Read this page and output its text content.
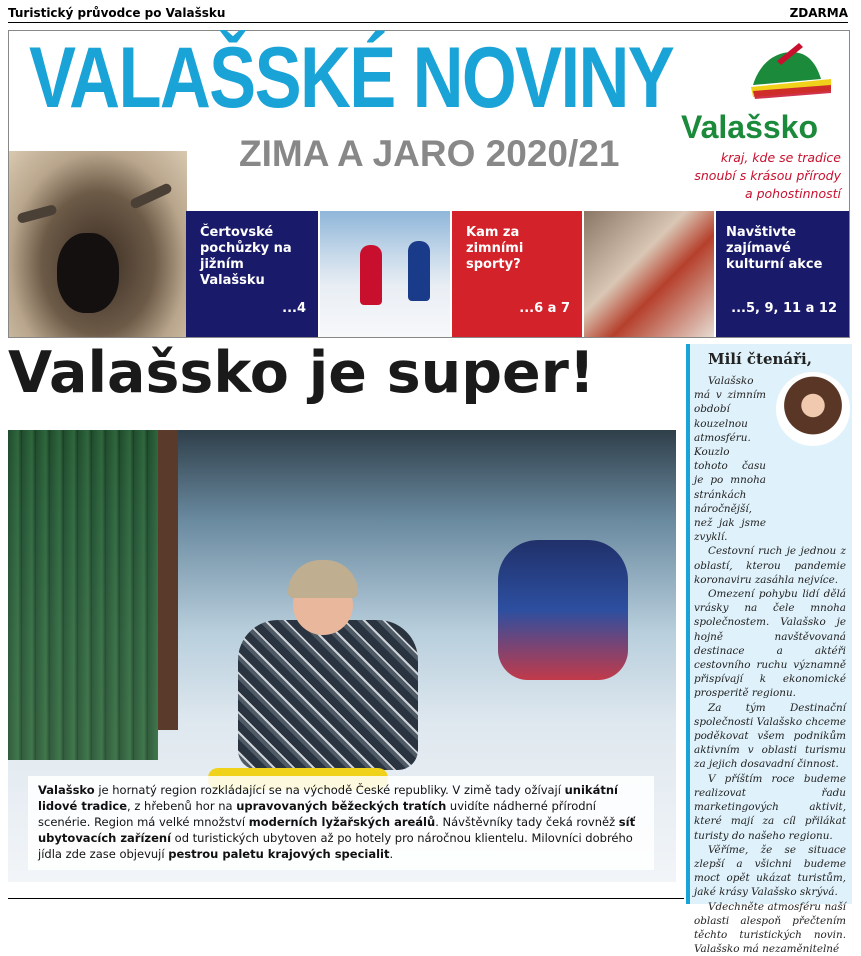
Turistický průvodce po Valašsku	ZDARMA
VALAŠSKÉ NOVINY
ZIMA A JARO 2020/21
Valašsko
kraj, kde se tradice snoubí s krásou přírody a pohostinností
Čertovské pochůzky na jižním Valašsku
...4
Kam za zimními sporty?
...6 a 7
Navštivte zajímavé kulturní akce
...5, 9, 11 a 12
Valašsko je super!
Valašsko je hornatý region rozkládající se na východě České republiky. V zimě tady ožívají unikátní lidové tradice, z hřebenů hor na upravovaných běžeckých tratích uvidíte nádherné přírodní scenérie. Region má velké množství moderních lyžařských areálů. Návštěvníky tady čeká rovněž síť ubytovacích zařízení od turistických ubytoven až po hotely pro náročnou klientelu. Milovníci dobrého jídla zde zase objevují pestrou paletu krajových specialit.
Milí čtenáři,

Valašsko má v zimním období kouzelnou atmosféru. Kouzlo tohoto času je po mnoha stránkách náročnější, než jak jsme zvyklí.

Cestovní ruch je jednou z oblastí, kterou pandemie koronaviru zasáhla nejvíce.

Omezení pohybu lidí dělá vrásky na čele mnoha společnostem. Valašsko je hojně navštěvovaná destinace a aktéři cestovního ruchu významně přispívají k ekonomické prosperitě regionu.

Za tým Destinační společnosti Valašsko chceme poděkovat všem podnikům aktivním v oblasti turismu za jejich dosavadní činnost.

V příštím roce budeme realizovat řadu marketingových aktivit, které mají za cíl přilákat turisty do našeho regionu.

Věříme, že se situace zlepší a všichni budeme moct opět ukázat turistům, jaké krásy Valašsko skrývá.

Vdechněte atmosféru naší oblasti alespoň přečtením těchto turistických novin. Valašsko má nezaměnitelné
